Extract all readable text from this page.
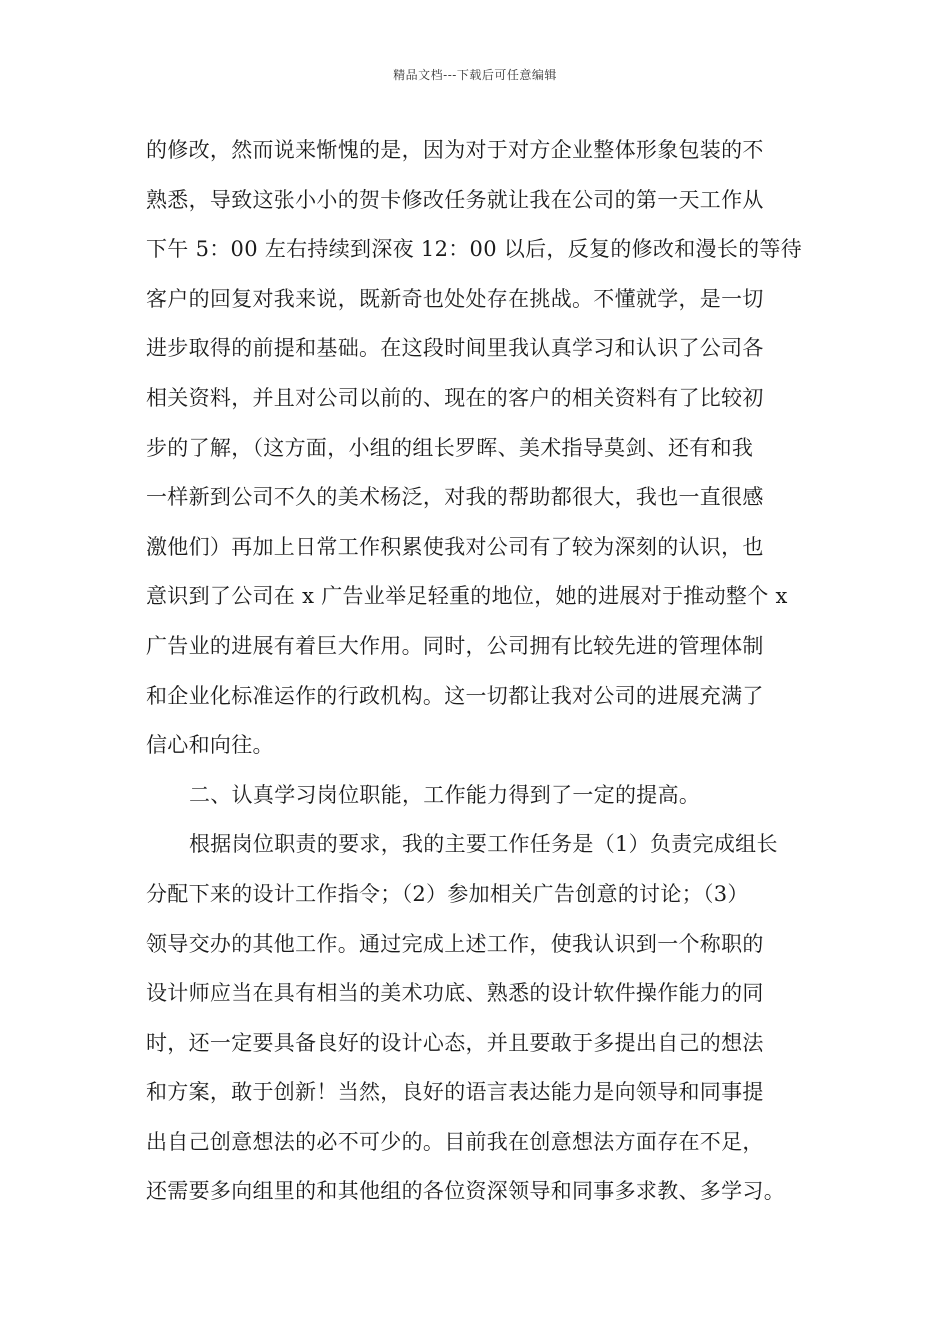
精品文档---下载后可任意编辑
的修改，然而说来惭愧的是，因为对于对方企业整体形象包装的不
熟悉，导致这张小小的贺卡修改任务就让我在公司的第一天工作从
下午 5：00 左右持续到深夜 12：00 以后，反复的修改和漫长的等待
客户的回复对我来说，既新奇也处处存在挑战。不懂就学，是一切
进步取得的前提和基础。在这段时间里我认真学习和认识了公司各
相关资料，并且对公司以前的、现在的客户的相关资料有了比较初
步的了解，（这方面，小组的组长罗晖、美术指导莫剑、还有和我
一样新到公司不久的美术杨泛，对我的帮助都很大，我也一直很感
激他们）再加上日常工作积累使我对公司有了较为深刻的认识，也
意识到了公司在 x 广告业举足轻重的地位，她的进展对于推动整个 x
广告业的进展有着巨大作用。同时，公司拥有比较先进的管理体制
和企业化标准运作的行政机构。这一切都让我对公司的进展充满了
信心和向往。
二、认真学习岗位职能，工作能力得到了一定的提高。
根据岗位职责的要求，我的主要工作任务是（1）负责完成组长
分配下来的设计工作指令；（2）参加相关广告创意的讨论；（3）
领导交办的其他工作。通过完成上述工作，使我认识到一个称职的
设计师应当在具有相当的美术功底、熟悉的设计软件操作能力的同
时，还一定要具备良好的设计心态，并且要敢于多提出自己的想法
和方案，敢于创新！当然，良好的语言表达能力是向领导和同事提
出自己创意想法的必不可少的。目前我在创意想法方面存在不足，
还需要多向组里的和其他组的各位资深领导和同事多求教、多学习。
